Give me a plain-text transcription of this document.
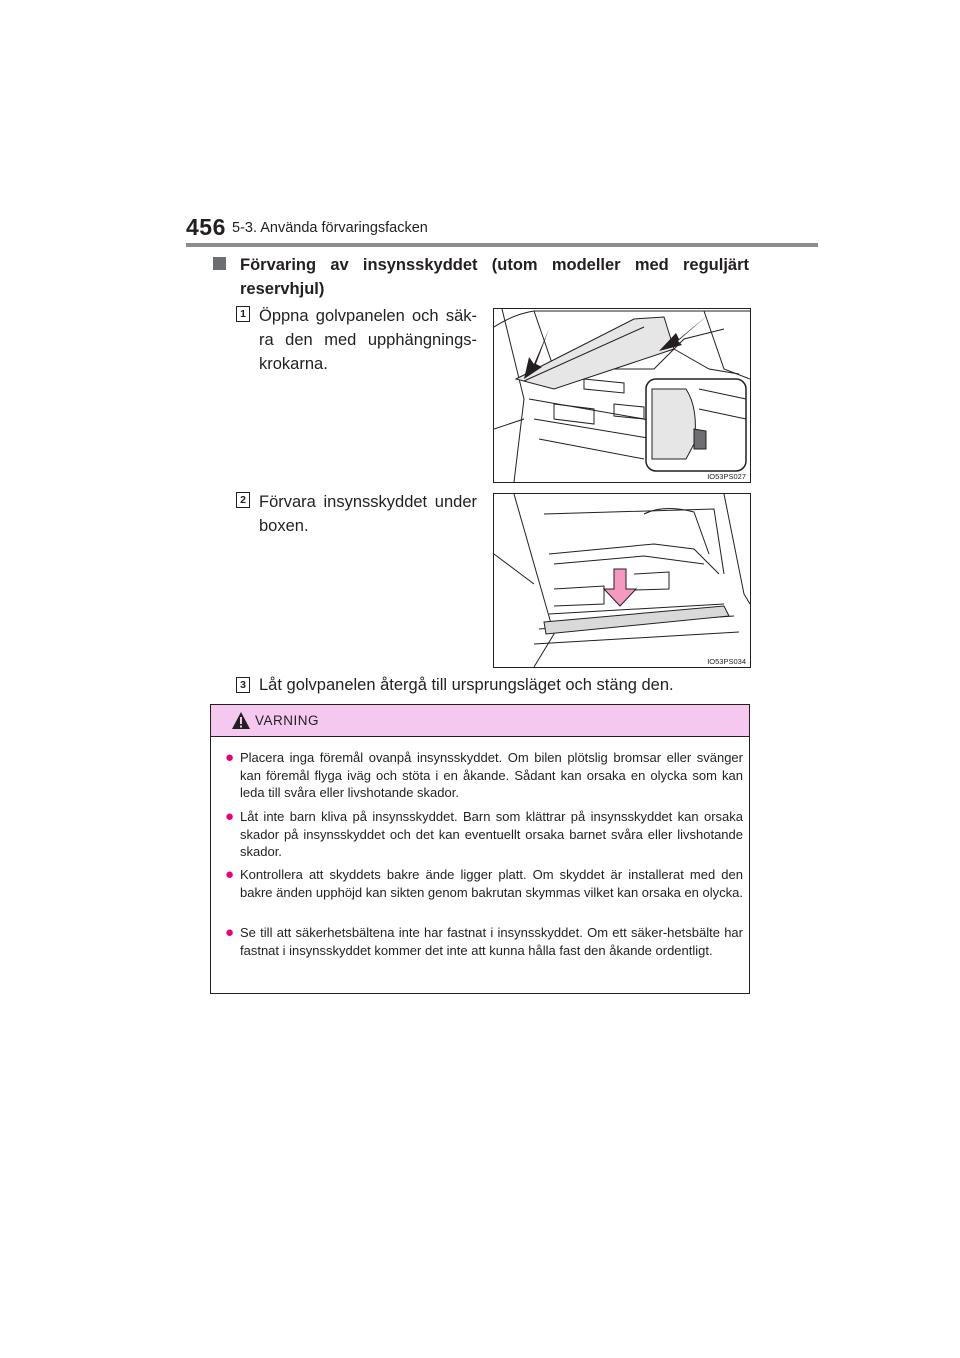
456 5-3. Använda förvaringsfacken
Förvaring av insynsskyddet (utom modeller med reguljärt reservhjul)
1 Öppna golvpanelen och säk-ra den med upphängnings-krokarna.
IO53PS027
2 Förvara insynsskyddet under boxen.
IO53PS034
3 Låt golvpanelen återgå till ursprungsläget och stäng den.
VARNING
● Placera inga föremål ovanpå insynsskyddet. Om bilen plötslig bromsar eller svänger kan föremål flyga iväg och stöta i en åkande. Sådant kan orsaka en olycka som kan leda till svåra eller livshotande skador.
● Låt inte barn kliva på insynsskyddet. Barn som klättrar på insynsskyddet kan orsaka skador på insynsskyddet och det kan eventuellt orsaka barnet svåra eller livshotande skador.
● Kontrollera att skyddets bakre ände ligger platt. Om skyddet är installerat med den bakre änden upphöjd kan sikten genom bakrutan skymmas vilket kan orsaka en olycka.
● Se till att säkerhetsbältena inte har fastnat i insynsskyddet. Om ett säker-hetsbälte har fastnat i insynsskyddet kommer det inte att kunna hålla fast den åkande ordentligt.
